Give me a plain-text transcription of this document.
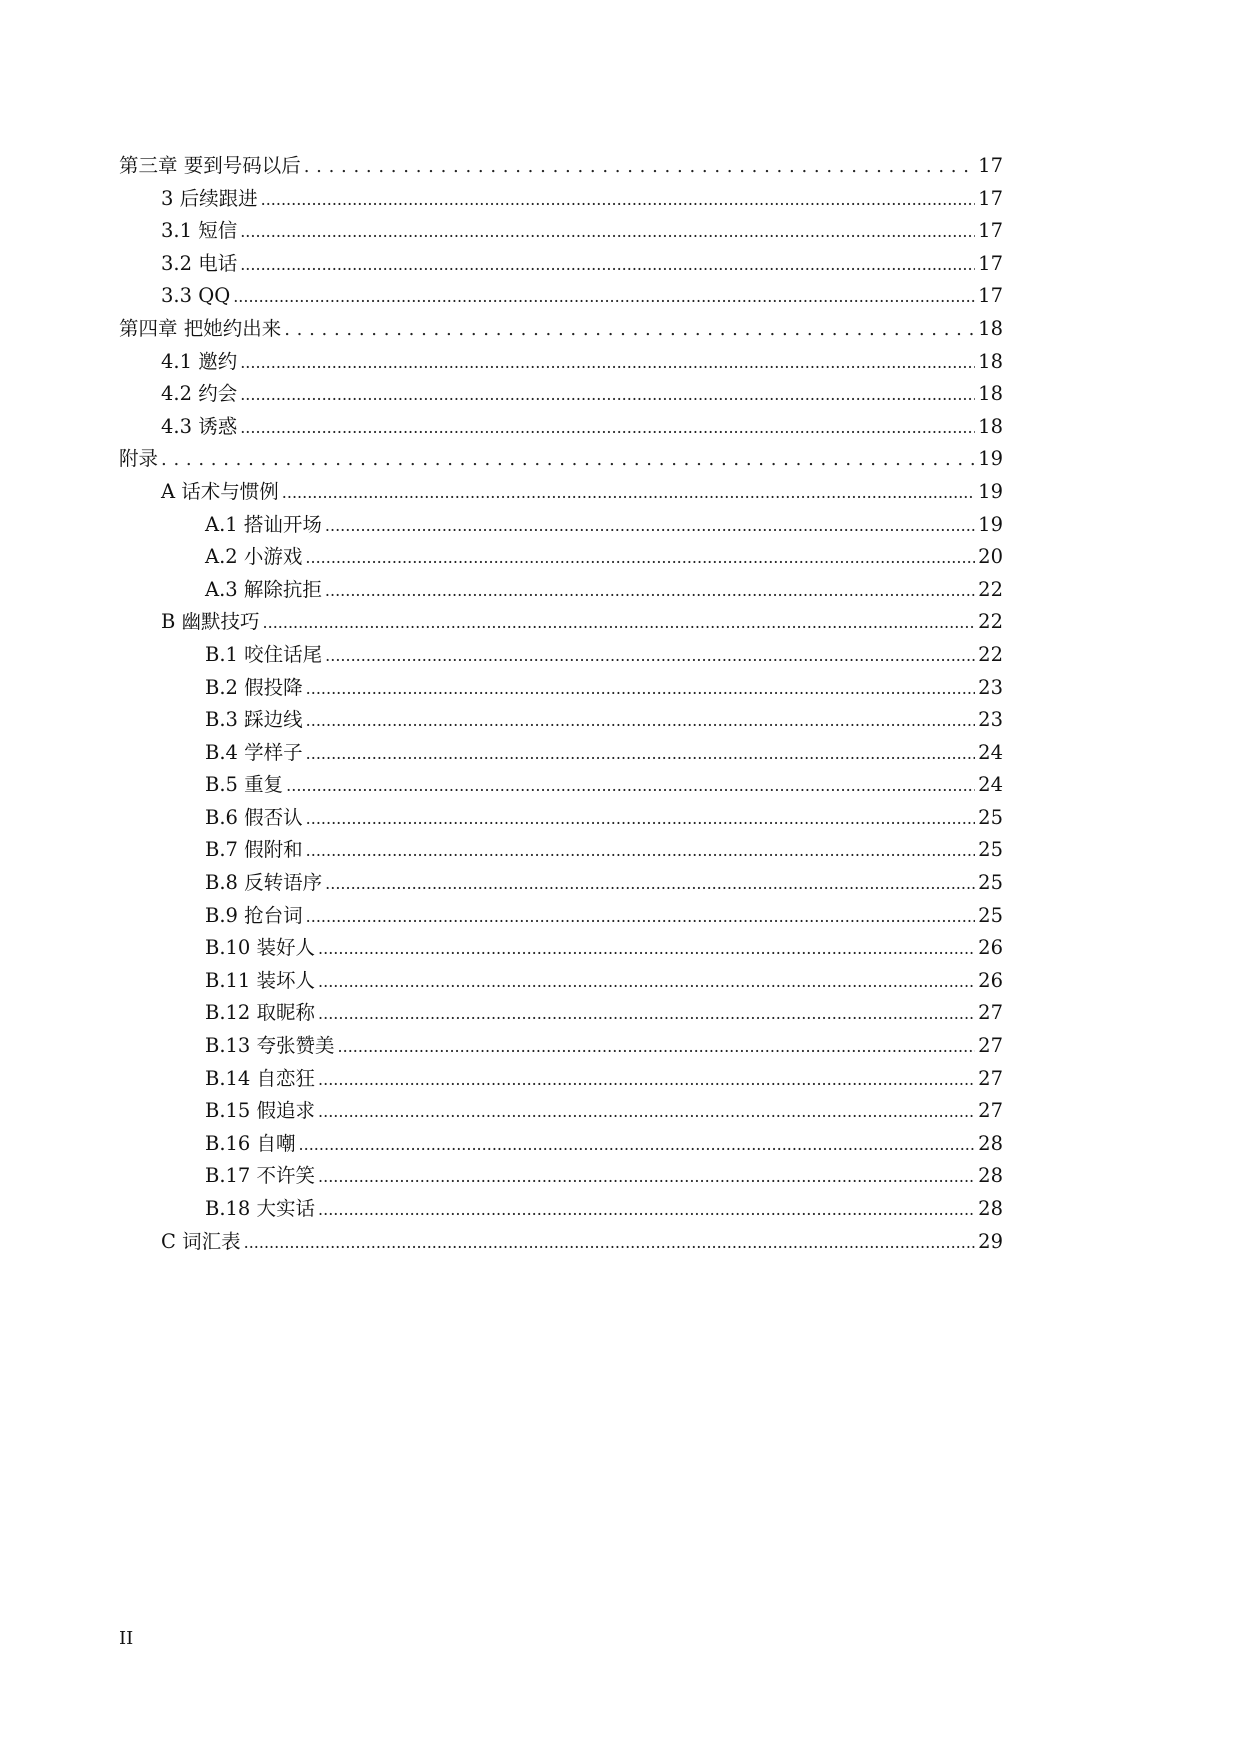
第三章 要到号码以后 . . .	17
3 后续跟进 .....	17
3.1 短信 .....	17
3.2 电话 .....	17
3.3 QQ .....	17
第四章 把她约出来 . . .	18
4.1 邀约 .....	18
4.2 约会 .....	18
4.3 诱惑 .....	18
附录 . . .	19
A 话术与惯例 .....	19
A.1 搭讪开场 .....	19
A.2 小游戏 .....	20
A.3 解除抗拒 .....	22
B 幽默技巧 .....	22
B.1 咬住话尾 .....	22
B.2 假投降 .....	23
B.3 踩边线 .....	23
B.4 学样子 .....	24
B.5 重复 .....	24
B.6 假否认 .....	25
B.7 假附和 .....	25
B.8 反转语序 .....	25
B.9 抢台词 .....	25
B.10 装好人 .....	26
B.11 装坏人 .....	26
B.12 取昵称 .....	27
B.13 夸张赞美 .....	27
B.14 自恋狂 .....	27
B.15 假追求 .....	27
B.16 自嘲 .....	28
B.17 不许笑 .....	28
B.18 大实话 .....	28
C 词汇表 .....	29
II
